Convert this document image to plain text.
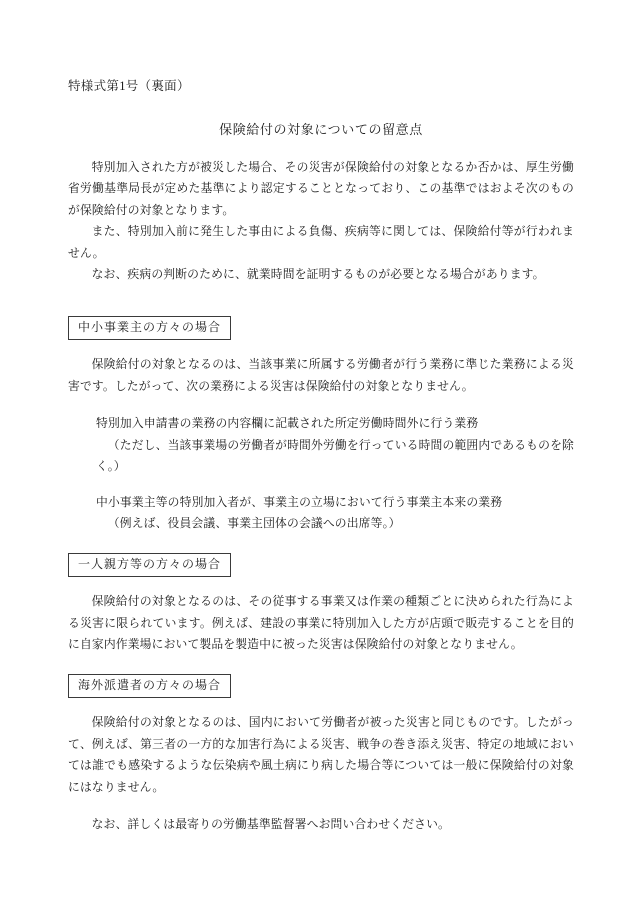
特様式第1号（裏面）
保険給付の対象についての留意点

特別加入された方が被災した場合、その災害が保険給付の対象となるか否かは、厚生労働省労働基準局長が定めた基準により認定することとなっており、この基準ではおよそ次のものが保険給付の対象となります。

また、特別加入前に発生した事由による負傷、疾病等に関しては、保険給付等が行われません。

なお、疾病の判断のために、就業時間を証明するものが必要となる場合があります。

中小事業主の方々の場合

保険給付の対象となるのは、当該事業に所属する労働者が行う業務に準じた業務による災害です。したがって、次の業務による災害は保険給付の対象となりません。

特別加入申請書の業務の内容欄に記載された所定労働時間外に行う業務
（ただし、当該事業場の労働者が時間外労働を行っている時間の範囲内であるものを除く。）
中小事業主等の特別加入者が、事業主の立場において行う事業主本来の業務
（例えば、役員会議、事業主団体の会議への出席等。）
一人親方等の方々の場合

保険給付の対象となるのは、その従事する事業又は作業の種類ごとに決められた行為による災害に限られています。例えば、建設の事業に特別加入した方が店頭で販売することを目的に自家内作業場において製品を製造中に被った災害は保険給付の対象となりません。

海外派遣者の方々の場合

保険給付の対象となるのは、国内において労働者が被った災害と同じものです。したがって、例えば、第三者の一方的な加害行為による災害、戦争の巻き添え災害、特定の地域においては誰でも感染するような伝染病や風土病にり病した場合等については一般に保険給付の対象にはなりません。

なお、詳しくは最寄りの労働基準監督署へお問い合わせください。
